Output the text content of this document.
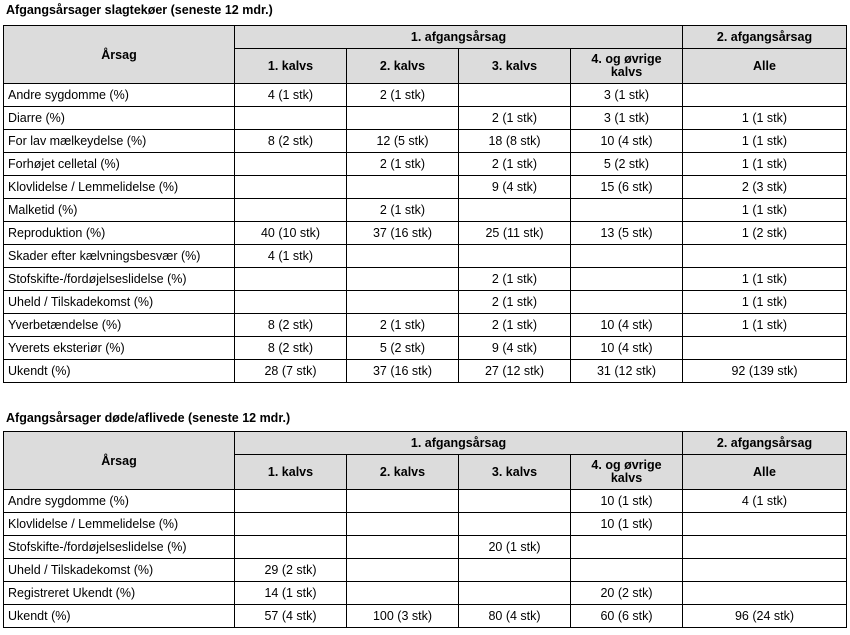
Afgangsårsager slagtekøer (seneste 12 mdr.)
Årsag	1. afgangsårsag				2. afgangsårsag
	1. kalvs	2. kalvs	3. kalvs	4. og øvrige kalvs	Alle
Andre sygdomme (%)	4 (1 stk)	2 (1 stk)		3 (1 stk)	
Diarre (%)			2 (1 stk)	3 (1 stk)	1 (1 stk)
For lav mælkeydelse (%)	8 (2 stk)	12 (5 stk)	18 (8 stk)	10 (4 stk)	1 (1 stk)
Forhøjet celletal (%)		2 (1 stk)	2 (1 stk)	5 (2 stk)	1 (1 stk)
Klovlidelse / Lemmelidelse (%)			9 (4 stk)	15 (6 stk)	2 (3 stk)
Malketid (%)		2 (1 stk)			1 (1 stk)
Reproduktion (%)	40 (10 stk)	37 (16 stk)	25 (11 stk)	13 (5 stk)	1 (2 stk)
Skader efter kælvningsbesvær (%)	4 (1 stk)				
Stofskifte-/fordøjelseslidelse (%)			2 (1 stk)		1 (1 stk)
Uheld / Tilskadekomst (%)			2 (1 stk)		1 (1 stk)
Yverbetændelse (%)	8 (2 stk)	2 (1 stk)	2 (1 stk)	10 (4 stk)	1 (1 stk)
Yverets eksteriør (%)	8 (2 stk)	5 (2 stk)	9 (4 stk)	10 (4 stk)	
Ukendt (%)	28 (7 stk)	37 (16 stk)	27 (12 stk)	31 (12 stk)	92 (139 stk)
Afgangsårsager døde/aflivede (seneste 12 mdr.)
Årsag	1. afgangsårsag				2. afgangsårsag
	1. kalvs	2. kalvs	3. kalvs	4. og øvrige kalvs	Alle
Andre sygdomme (%)				10 (1 stk)	4 (1 stk)
Klovlidelse / Lemmelidelse (%)				10 (1 stk)	
Stofskifte-/fordøjelseslidelse (%)			20 (1 stk)		
Uheld / Tilskadekomst (%)	29 (2 stk)				
Registreret Ukendt (%)	14 (1 stk)			20 (2 stk)	
Ukendt (%)	57 (4 stk)	100 (3 stk)	80 (4 stk)	60 (6 stk)	96 (24 stk)
